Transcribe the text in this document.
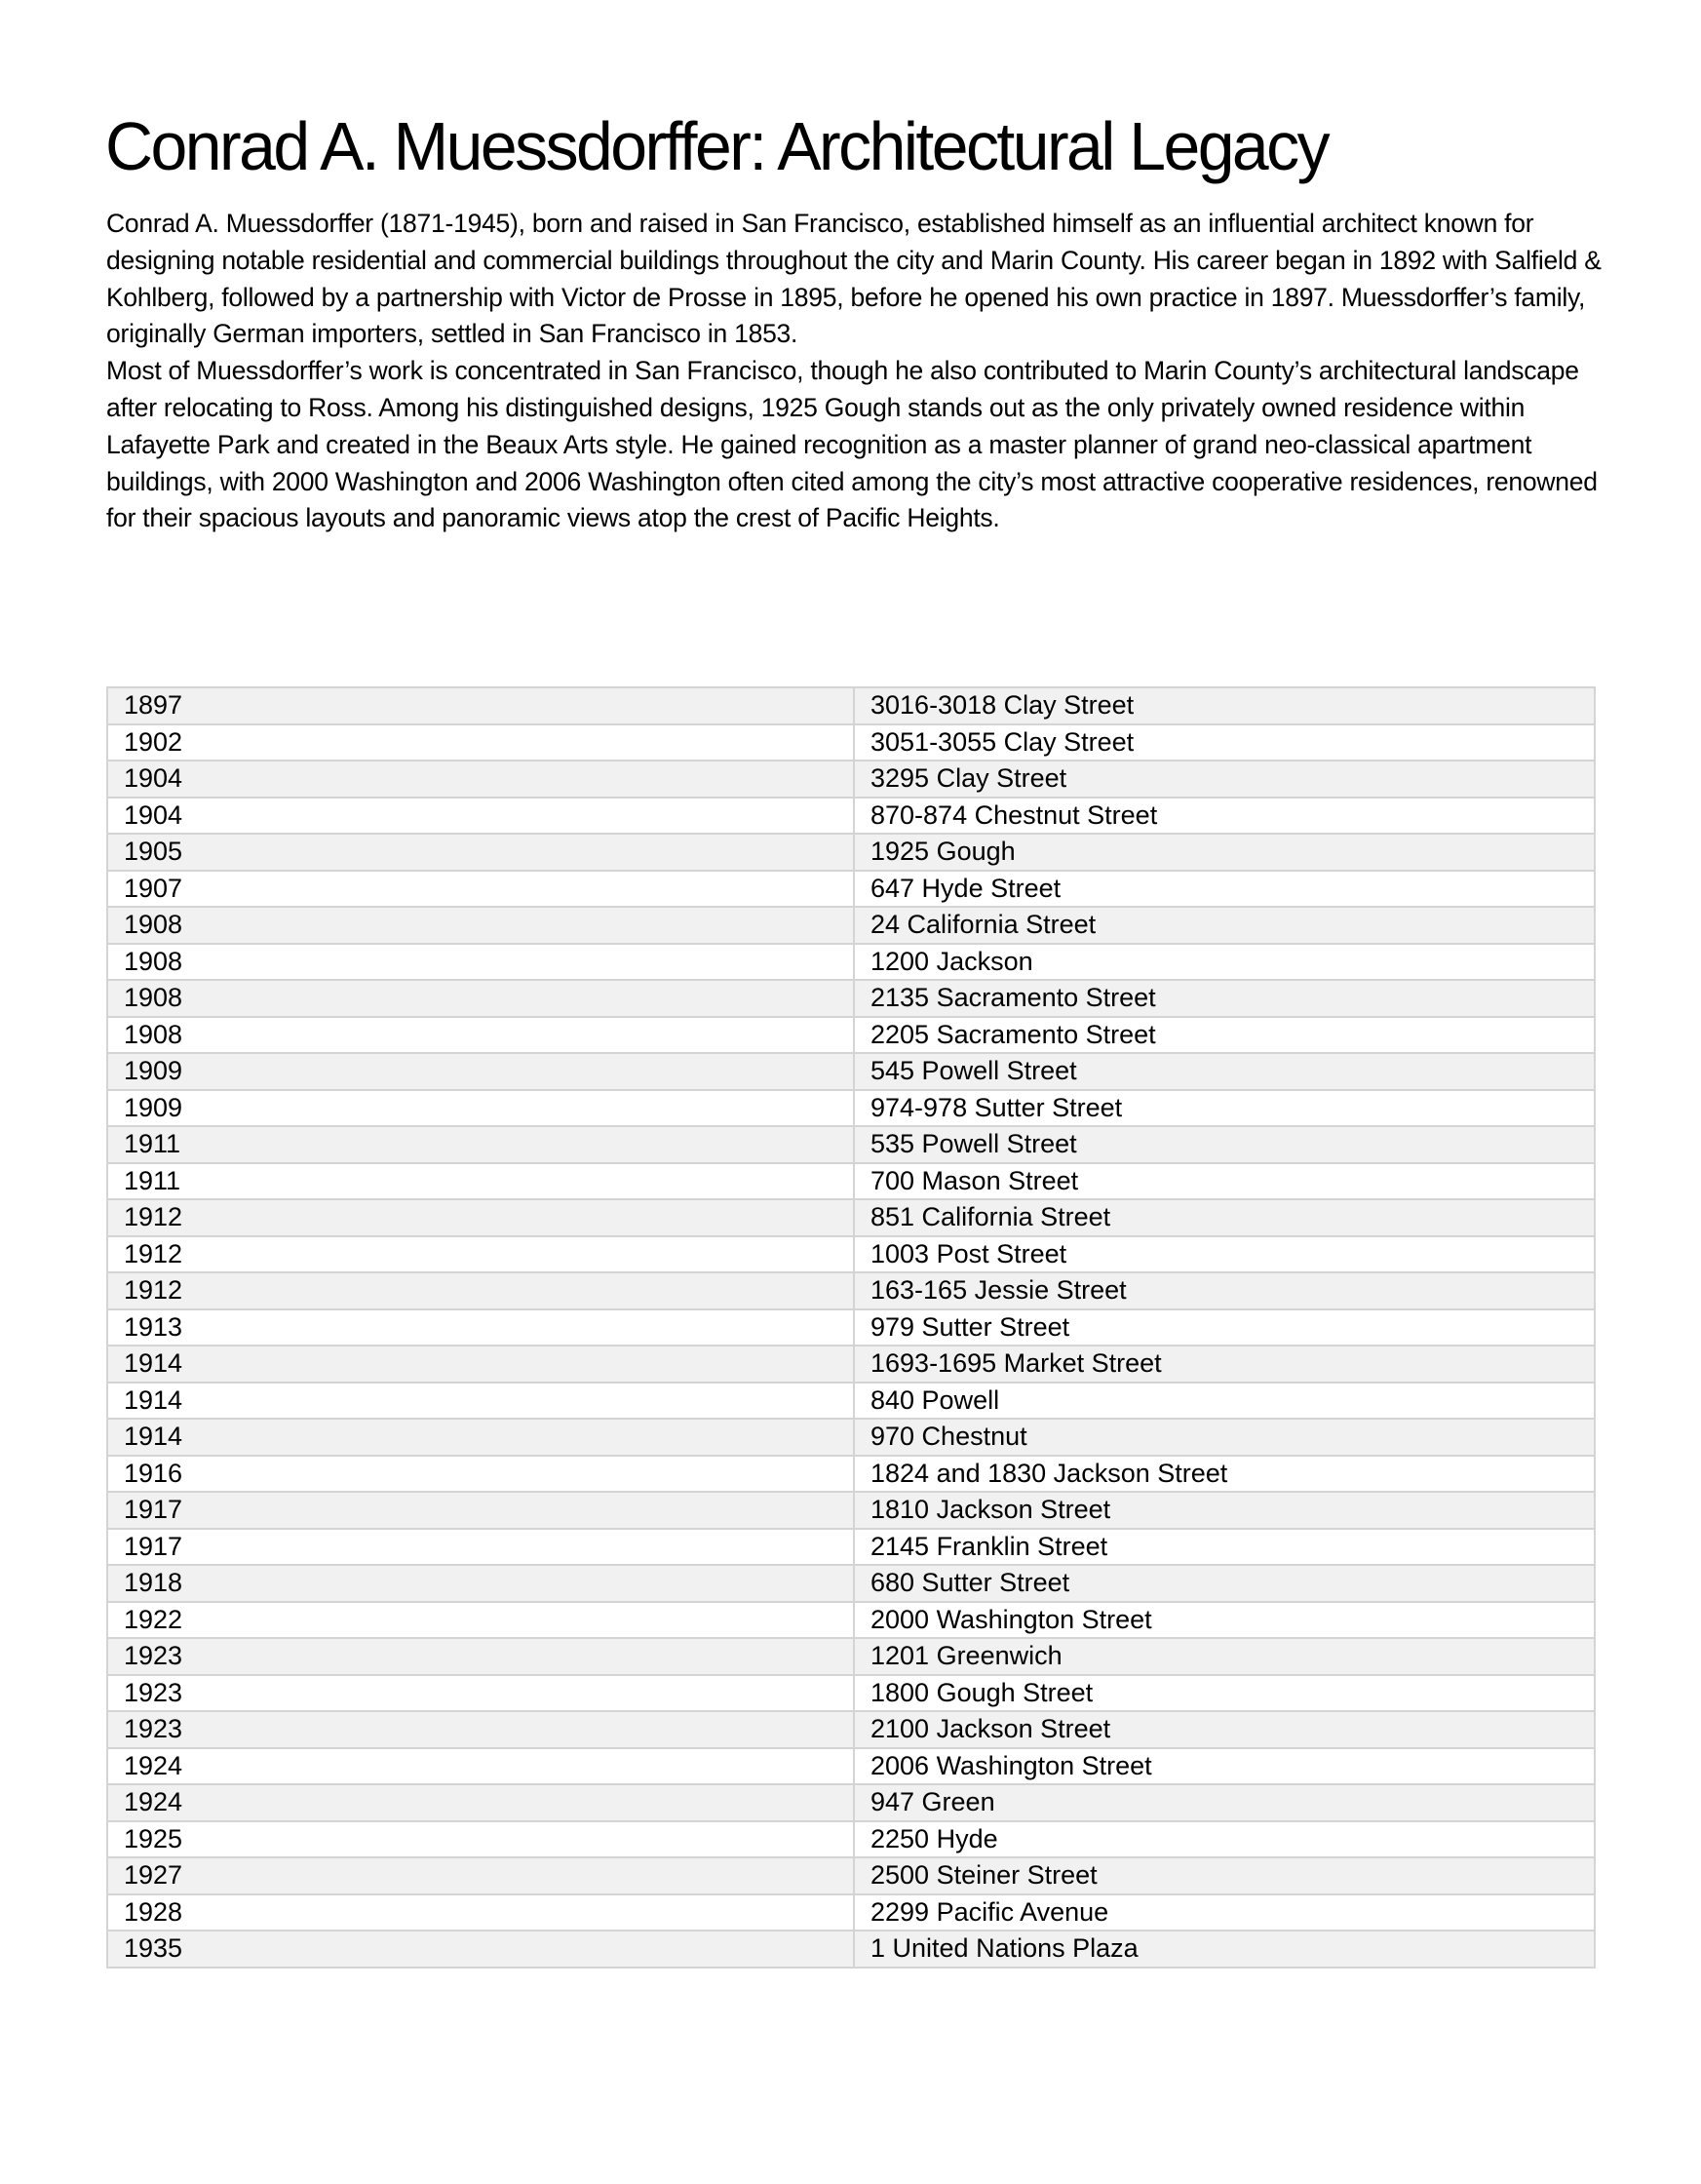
Conrad A. Muessdorffer: Architectural Legacy

Conrad A. Muessdorffer (1871-1945), born and raised in San Francisco, established himself as an influential architect known for designing notable residential and commercial buildings throughout the city and Marin County. His career began in 1892 with Salfield & Kohlberg, followed by a partnership with Victor de Prosse in 1895, before he opened his own practice in 1897. Muessdorffer’s family, originally German importers, settled in San Francisco in 1853.

Most of Muessdorffer’s work is concentrated in San Francisco, though he also contributed to Marin County’s architectural landscape after relocating to Ross. Among his distinguished designs, 1925 Gough stands out as the only privately owned residence within Lafayette Park and created in the Beaux Arts style. He gained recognition as a master planner of grand neo-classical apartment buildings, with 2000 Washington and 2006 Washington often cited among the city’s most attractive cooperative residences, renowned for their spacious layouts and panoramic views atop the crest of Pacific Heights.

1897	3016-3018 Clay Street
1902	3051-3055 Clay Street
1904	3295 Clay Street
1904	870-874 Chestnut Street
1905	1925 Gough
1907	647 Hyde Street
1908	24 California Street
1908	1200 Jackson
1908	2135 Sacramento Street
1908	2205 Sacramento Street
1909	545 Powell Street
1909	974-978 Sutter Street
1911	535 Powell Street
1911	700 Mason Street
1912	851 California Street
1912	1003 Post Street
1912	163-165 Jessie Street
1913	979 Sutter Street
1914	1693-1695 Market Street
1914	840 Powell
1914	970 Chestnut
1916	1824 and 1830 Jackson Street
1917	1810 Jackson Street
1917	2145 Franklin Street
1918	680 Sutter Street
1922	2000 Washington Street
1923	1201 Greenwich
1923	1800 Gough Street
1923	2100 Jackson Street
1924	2006 Washington Street
1924	947 Green
1925	2250 Hyde
1927	2500 Steiner Street
1928	2299 Pacific Avenue
1935	1 United Nations Plaza
